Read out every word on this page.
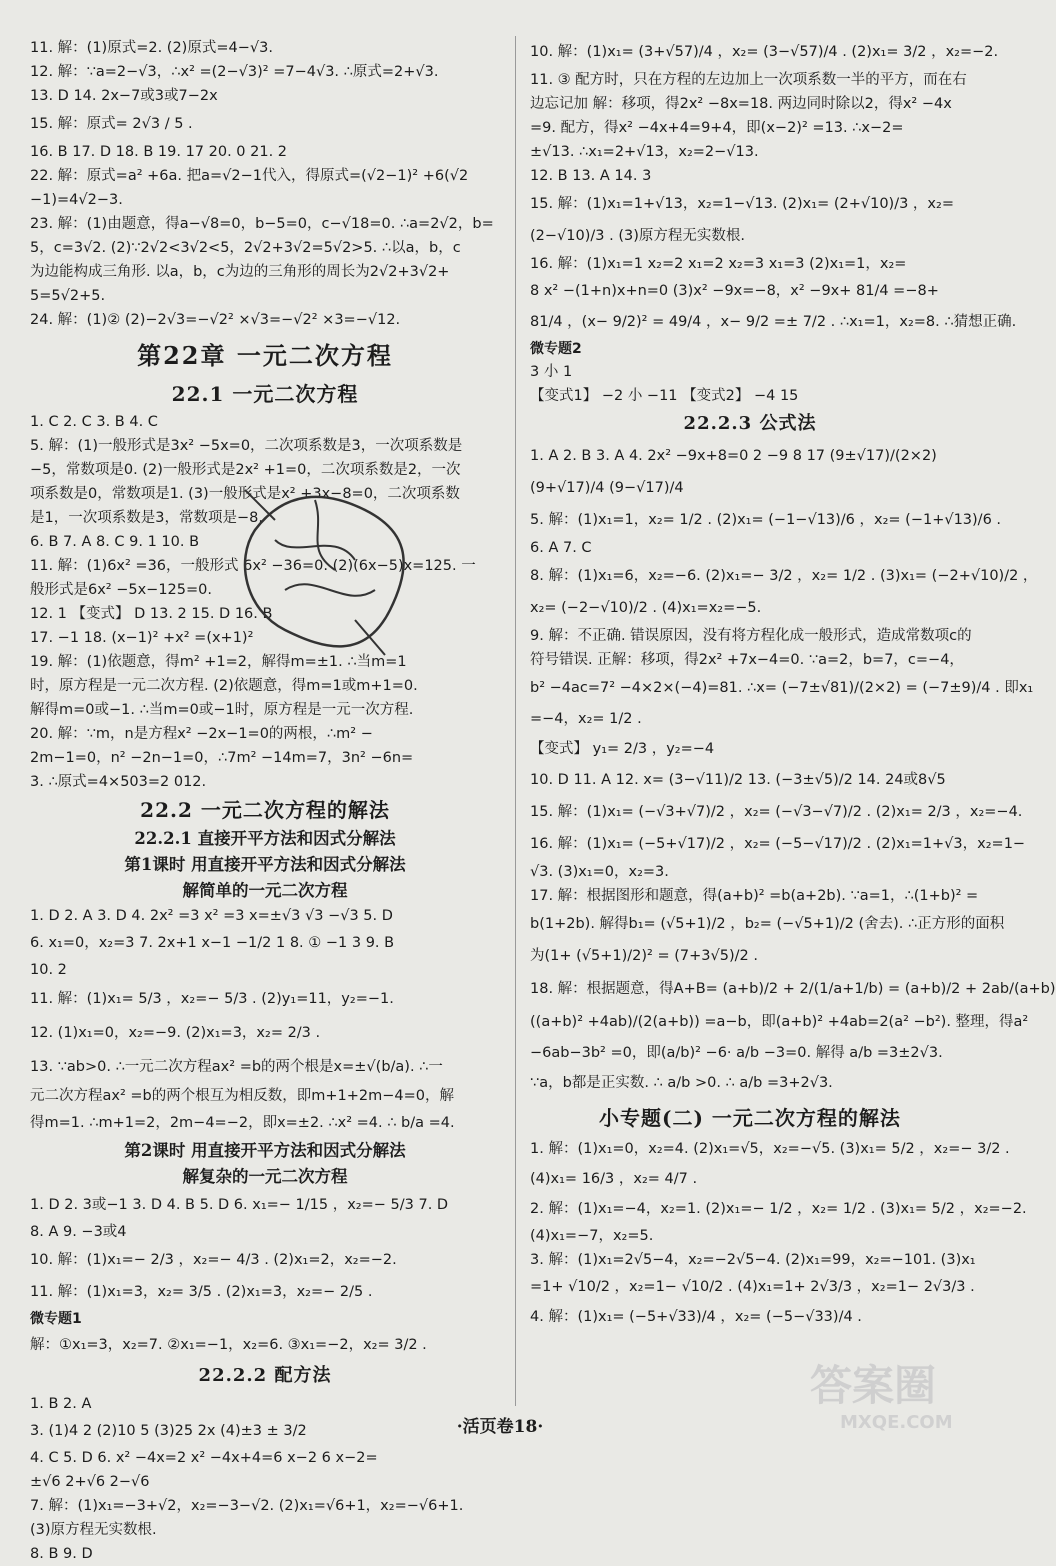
11. 解：(1)原式=2. (2)原式=4−√3.
12. 解：∵a=2−√3，∴x² =(2−√3)² =7−4√3. ∴原式=2+√3.
13. D 14. 2x−7或3或7−2x
15. 解：原式= 2√3 / 5 .
16. B 17. D 18. B 19. 17 20. 0 21. 2
22. 解：原式=a² +6a. 把a=√2−1代入，得原式=(√2−1)² +6(√2
−1)=4√2−3.
23. 解：(1)由题意，得a−√8=0，b−5=0，c−√18=0. ∴a=2√2，b=
5，c=3√2. (2)∵2√2<3√2<5，2√2+3√2=5√2>5. ∴以a，b，c
为边能构成三角形. 以a，b，c为边的三角形的周长为2√2+3√2+
5=5√2+5.
24. 解：(1)② (2)−2√3=−√2² ×√3=−√2² ×3=−√12.
第22章 一元二次方程
22.1 一元二次方程
1. C 2. C 3. B 4. C
5. 解：(1)一般形式是3x² −5x=0，二次项系数是3，一次项系数是
−5，常数项是0. (2)一般形式是2x² +1=0，二次项系数是2，一次
项系数是0，常数项是1. (3)一般形式是x² +3x−8=0，二次项系数
是1，一次项系数是3，常数项是−8.
6. B 7. A 8. C 9. 1 10. B
11. 解：(1)6x² =36，一般形式 6x² −36=0. (2)(6x−5)x=125. 一
般形式是6x² −5x−125=0.
12. 1 【变式】 D 13. 2 15. D 16. B
17. −1 18. (x−1)² +x² =(x+1)²
19. 解：(1)依题意，得m² +1=2，解得m=±1. ∴当m=1
时，原方程是一元二次方程. (2)依题意，得m=1或m+1=0.
解得m=0或−1. ∴当m=0或−1时，原方程是一元一次方程.
20. 解：∵m，n是方程x² −2x−1=0的两根，∴m² −
2m−1=0，n² −2n−1=0，∴7m² −14m=7，3n² −6n=
3. ∴原式=4×503=2 012.
22.2 一元二次方程的解法
22.2.1 直接开平方法和因式分解法
第1课时 用直接开平方法和因式分解法
解简单的一元二次方程
1. D 2. A 3. D 4. 2x² =3 x² =3 x=±√3 √3 −√3 5. D
6. x₁=0，x₂=3 7. 2x+1 x−1 −1/2 1 8. ① −1 3 9. B
10. 2
11. 解：(1)x₁= 5/3 ，x₂=− 5/3 . (2)y₁=11，y₂=−1.
12. (1)x₁=0，x₂=−9. (2)x₁=3，x₂= 2/3 .
13. ∵ab>0. ∴一元二次方程ax² =b的两个根是x=±√(b/a). ∴一
元二次方程ax² =b的两个根互为相反数，即m+1+2m−4=0，解
得m=1. ∴m+1=2，2m−4=−2，即x=±2. ∴x² =4. ∴ b/a =4.
第2课时 用直接开平方法和因式分解法
解复杂的一元二次方程
1. D 2. 3或−1 3. D 4. B 5. D 6. x₁=− 1/15 ，x₂=− 5/3 7. D
8. A 9. −3或4
10. 解：(1)x₁=− 2/3 ，x₂=− 4/3 . (2)x₁=2，x₂=−2.
11. 解：(1)x₁=3，x₂= 3/5 . (2)x₁=3，x₂=− 2/5 .
微专题1
解：①x₁=3，x₂=7. ②x₁=−1，x₂=6. ③x₁=−2，x₂= 3/2 .
22.2.2 配方法
1. B 2. A
3. (1)4 2 (2)10 5 (3)25 2x (4)±3 ± 3/2
4. C 5. D 6. x² −4x=2 x² −4x+4=6 x−2 6 x−2=
±√6 2+√6 2−√6
7. 解：(1)x₁=−3+√2，x₂=−3−√2. (2)x₁=√6+1，x₂=−√6+1.
(3)原方程无实数根.
8. B 9. D
10. 解：(1)x₁= (3+√57)/4 ，x₂= (3−√57)/4 . (2)x₁= 3/2 ，x₂=−2.
11. ③ 配方时，只在方程的左边加上一次项系数一半的平方，而在右
边忘记加 解：移项，得2x² −8x=18. 两边同时除以2，得x² −4x
=9. 配方，得x² −4x+4=9+4，即(x−2)² =13. ∴x−2=
±√13. ∴x₁=2+√13，x₂=2−√13.
12. B 13. A 14. 3
15. 解：(1)x₁=1+√13，x₂=1−√13. (2)x₁= (2+√10)/3 ，x₂=
(2−√10)/3 . (3)原方程无实数根.
16. 解：(1)x₁=1 x₂=2 x₁=2 x₂=3 x₁=3 (2)x₁=1，x₂=
8 x² −(1+n)x+n=0 (3)x² −9x=−8，x² −9x+ 81/4 =−8+
81/4 ，(x− 9/2)² = 49/4 ，x− 9/2 =± 7/2 . ∴x₁=1，x₂=8. ∴猜想正确.
微专题2
3 小 1
【变式1】 −2 小 −11 【变式2】 −4 15
22.2.3 公式法
1. A 2. B 3. A 4. 2x² −9x+8=0 2 −9 8 17 (9±√17)/(2×2)
(9+√17)/4 (9−√17)/4
5. 解：(1)x₁=1，x₂= 1/2 . (2)x₁= (−1−√13)/6 ，x₂= (−1+√13)/6 .
6. A 7. C
8. 解：(1)x₁=6，x₂=−6. (2)x₁=− 3/2 ，x₂= 1/2 . (3)x₁= (−2+√10)/2 ，
x₂= (−2−√10)/2 . (4)x₁=x₂=−5.
9. 解：不正确. 错误原因，没有将方程化成一般形式，造成常数项c的
符号错误. 正解：移项，得2x² +7x−4=0. ∵a=2，b=7，c=−4，
b² −4ac=7² −4×2×(−4)=81. ∴x= (−7±√81)/(2×2) = (−7±9)/4 . 即x₁
=−4，x₂= 1/2 .
【变式】 y₁= 2/3 ，y₂=−4
10. D 11. A 12. x= (3−√11)/2 13. (−3±√5)/2 14. 24或8√5
15. 解：(1)x₁= (−√3+√7)/2 ，x₂= (−√3−√7)/2 . (2)x₁= 2/3 ，x₂=−4.
16. 解：(1)x₁= (−5+√17)/2 ，x₂= (−5−√17)/2 . (2)x₁=1+√3，x₂=1−
√3. (3)x₁=0，x₂=3.
17. 解：根据图形和题意，得(a+b)² =b(a+2b). ∵a=1，∴(1+b)² =
b(1+2b). 解得b₁= (√5+1)/2 ，b₂= (−√5+1)/2 (舍去). ∴正方形的面积
为(1+ (√5+1)/2)² = (7+3√5)/2 .
18. 解：根据题意，得A+B= (a+b)/2 + 2/(1/a+1/b) = (a+b)/2 + 2ab/(a+b)
((a+b)² +4ab)/(2(a+b)) =a−b，即(a+b)² +4ab=2(a² −b²). 整理，得a²
−6ab−3b² =0，即(a/b)² −6· a/b −3=0. 解得 a/b =3±2√3.
∵a，b都是正实数. ∴ a/b >0. ∴ a/b =3+2√3.
小专题(二) 一元二次方程的解法
1. 解：(1)x₁=0，x₂=4. (2)x₁=√5，x₂=−√5. (3)x₁= 5/2 ，x₂=− 3/2 .
(4)x₁= 16/3 ，x₂= 4/7 .
2. 解：(1)x₁=−4，x₂=1. (2)x₁=− 1/2 ，x₂= 1/2 . (3)x₁= 5/2 ，x₂=−2.
(4)x₁=−7，x₂=5.
3. 解：(1)x₁=2√5−4，x₂=−2√5−4. (2)x₁=99，x₂=−101. (3)x₁
=1+ √10/2 ，x₂=1− √10/2 . (4)x₁=1+ 2√3/3 ，x₂=1− 2√3/3 .
4. 解：(1)x₁= (−5+√33)/4 ，x₂= (−5−√33)/4 .
·活页卷18·
答案圈
MXQE.COM
